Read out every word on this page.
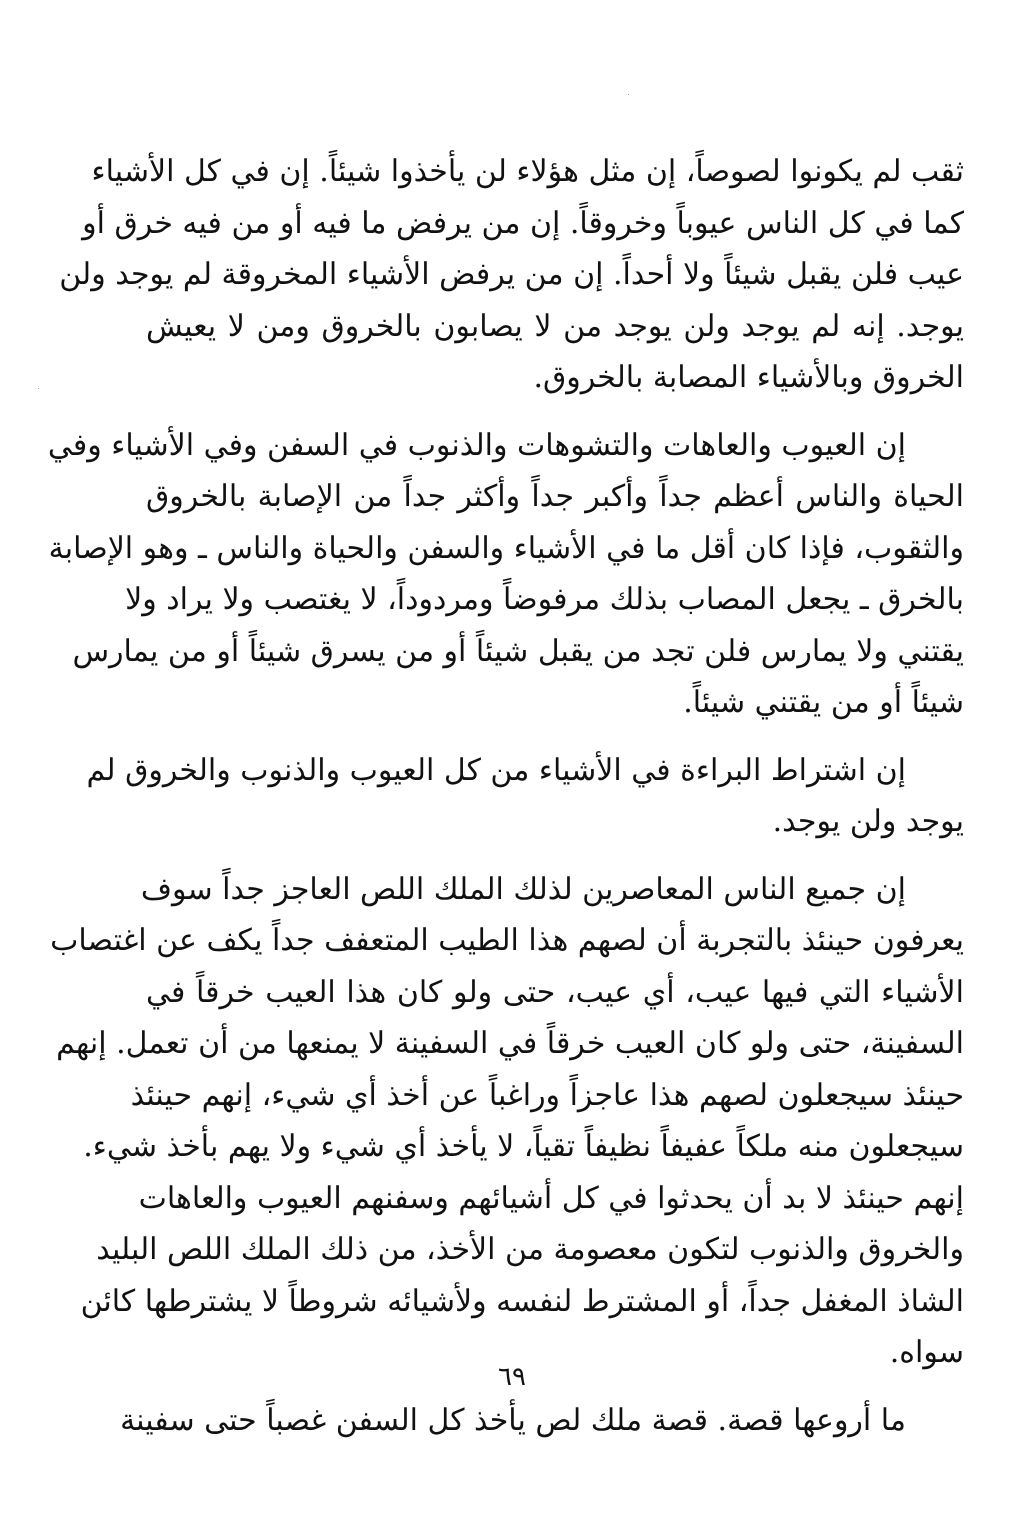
ثقب لم يكونوا لصوصاً، إن مثل هؤلاء لن يأخذوا شيئاً. إن في كل الأشياء
كما في كل الناس عيوباً وخروقاً. إن من يرفض ما فيه أو من فيه خرق أو
عيب فلن يقبل شيئاً ولا أحداً. إن من يرفض الأشياء المخروقة لم يوجد ولن
يوجد. إنه لم يوجد ولن يوجد من لا يصابون بالخروق ومن لا يعيش
الخروق وبالأشياء المصابة بالخروق.

إن العيوب والعاهات والتشوهات والذنوب في السفن وفي الأشياء وفي
الحياة والناس أعظم جداً وأكبر جداً وأكثر جداً من الإصابة بالخروق
والثقوب، فإذا كان أقل ما في الأشياء والسفن والحياة والناس ـ وهو الإصابة
بالخرق ـ يجعل المصاب بذلك مرفوضاً ومردوداً، لا يغتصب ولا يراد ولا
يقتني ولا يمارس فلن تجد من يقبل شيئاً أو من يسرق شيئاً أو من يمارس
شيئاً أو من يقتني شيئاً.

إن اشتراط البراءة في الأشياء من كل العيوب والذنوب والخروق لم
يوجد ولن يوجد.

إن جميع الناس المعاصرين لذلك الملك اللص العاجز جداً سوف
يعرفون حينئذ بالتجربة أن لصهم هذا الطيب المتعفف جداً يكف عن اغتصاب
الأشياء التي فيها عيب، أي عيب، حتى ولو كان هذا العيب خرقاً في
السفينة، حتى ولو كان العيب خرقاً في السفينة لا يمنعها من أن تعمل. إنهم
حينئذ سيجعلون لصهم هذا عاجزاً وراغباً عن أخذ أي شيء، إنهم حينئذ
سيجعلون منه ملكاً عفيفاً نظيفاً تقياً، لا يأخذ أي شيء ولا يهم بأخذ شيء.
إنهم حينئذ لا بد أن يحدثوا في كل أشيائهم وسفنهم العيوب والعاهات
والخروق والذنوب لتكون معصومة من الأخذ، من ذلك الملك اللص البليد
الشاذ المغفل جداً، أو المشترط لنفسه ولأشيائه شروطاً لا يشترطها كائن
سواه.

ما أروعها قصة. قصة ملك لص يأخذ كل السفن غصباً حتى سفينة

٦٩
